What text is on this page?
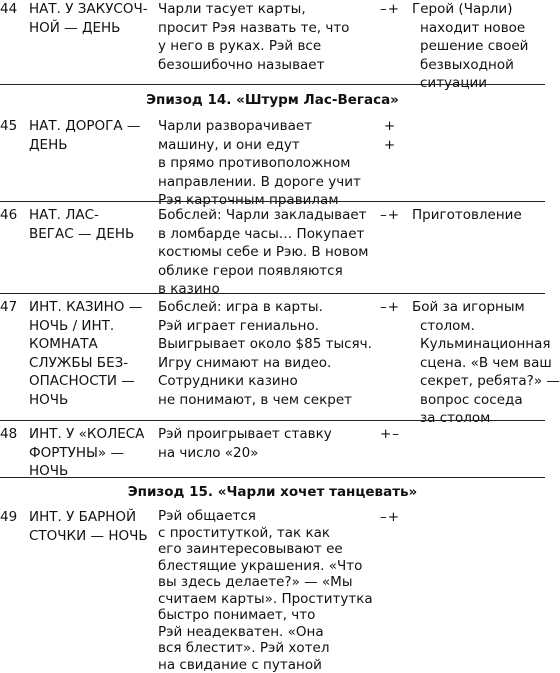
44 НАТ. У ЗАКУСОЧ-
НОЙ — ДЕНЬ
Чарли тасует карты,
просит Рэя назвать те, что
у него в руках. Рэй все
безошибочно называет
–+ Герой (Чарли)
находит новое
решение своей
безвыходной
ситуации
Эпизод 14. «Штурм Лас-Вегаса»
45 НАТ. ДОРОГА —
ДЕНЬ
Чарли разворачивает
машину, и они едут
в прямо противоположном
направлении. В дороге учит
Рэя карточным правилам
+
+
46 НАТ. ЛАС-
ВЕГАС — ДЕНЬ
Бобслей: Чарли закладывает
в ломбарде часы… Покупает
костюмы себе и Рэю. В новом
облике герои появляются
в казино
–+ Приготовление
47 ИНТ. КАЗИНО —
НОЧЬ / ИНТ.
КОМНАТА
СЛУЖБЫ БЕЗ-
ОПАСНОСТИ —
НОЧЬ
Бобслей: игра в карты.
Рэй играет гениально.
Выигрывает около $85 тысяч.
Игру снимают на видео.
Сотрудники казино
не понимают, в чем секрет
–+ Бой за игорным
столом.
Кульминационная
сцена. «В чем ваш
секрет, ребята?» —
вопрос соседа
за столом
48 ИНТ. У «КОЛЕСА
ФОРТУНЫ» —
НОЧЬ
Рэй проигрывает ставку
на число «20»
+–
Эпизод 15. «Чарли хочет танцевать»
49 ИНТ. У БАРНОЙ
СТОЧКИ — НОЧЬ
Рэй общается
с проституткой, так как
его заинтересовывают ее
блестящие украшения. «Что
вы здесь делаете?» — «Мы
считаем карты». Проститутка
быстро понимает, что
Рэй неадекватен. «Она
вся блестит». Рэй хотел
на свидание с путаной
–+
